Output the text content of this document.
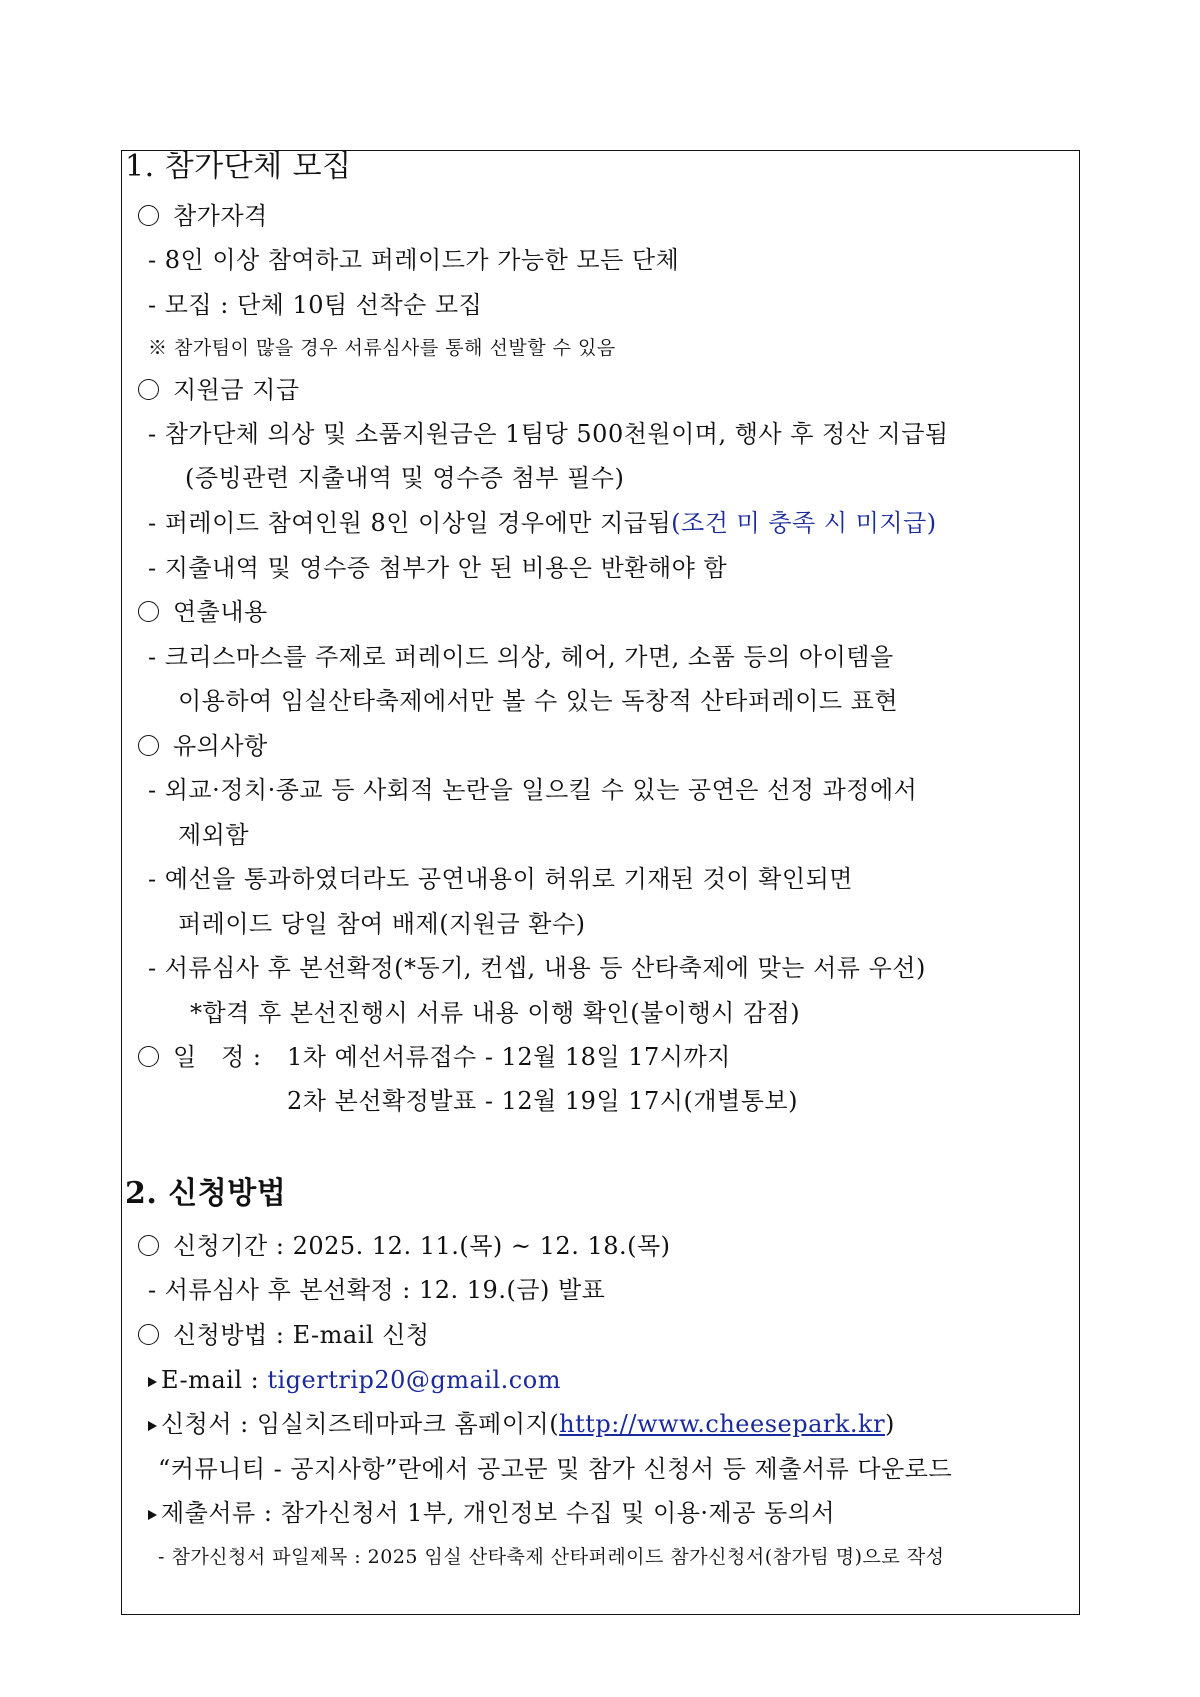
1. 참가단체 모집
참가자격
- 8인 이상 참여하고 퍼레이드가 가능한 모든 단체
- 모집 : 단체 10팀 선착순 모집
※ 참가팀이 많을 경우 서류심사를 통해 선발할 수 있음
지원금 지급
- 참가단체 의상 및 소품지원금은 1팀당 500천원이며, 행사 후 정산 지급됨
(증빙관련 지출내역 및 영수증 첨부 필수)
- 퍼레이드 참여인원 8인 이상일 경우에만 지급됨(조건 미 충족 시 미지급)
- 지출내역 및 영수증 첨부가 안 된 비용은 반환해야 함
연출내용
- 크리스마스를 주제로 퍼레이드 의상, 헤어, 가면, 소품 등의 아이템을
이용하여 임실산타축제에서만 볼 수 있는 독창적 산타퍼레이드 표현
유의사항
- 외교·정치·종교 등 사회적 논란을 일으킬 수 있는 공연은 선정 과정에서
제외함
- 예선을 통과하였더라도 공연내용이 허위로 기재된 것이 확인되면
퍼레이드 당일 참여 배제(지원금 환수)
- 서류심사 후 본선확정(*동기, 컨셉, 내용 등 산타축제에 맞는 서류 우선)
*합격 후 본선진행시 서류 내용 이행 확인(불이행시 감점)
일   정 : 1차 예선서류접수 - 12월 18일 17시까지
2차 본선확정발표 - 12월 19일 17시(개별통보)
2. 신청방법
신청기간 : 2025. 12. 11.(목) ~ 12. 18.(목)
- 서류심사 후 본선확정 : 12. 19.(금) 발표
신청방법 : E-mail 신청
E-mail : tigertrip20@gmail.com
신청서 : 임실치즈테마파크 홈페이지(http://www.cheesepark.kr)
“커뮤니티 - 공지사항”란에서 공고문 및 참가 신청서 등 제출서류 다운로드
제출서류 : 참가신청서 1부, 개인정보 수집 및 이용·제공 동의서
- 참가신청서 파일제목 : 2025 임실 산타축제 산타퍼레이드 참가신청서(참가팀 명)으로 작성
